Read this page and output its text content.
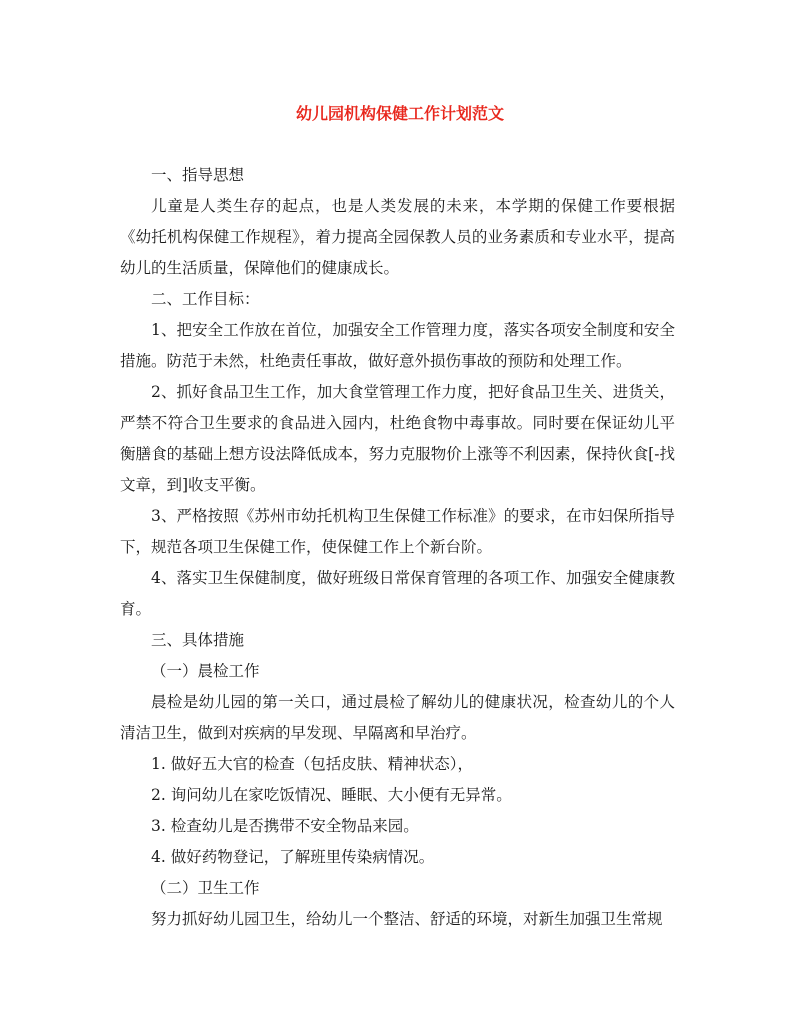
幼儿园机构保健工作计划范文

一、指导思想

儿童是人类生存的起点，也是人类发展的未来，本学期的保健工作要根据《幼托机构保健工作规程》，着力提高全园保教人员的业务素质和专业水平，提高幼儿的生活质量，保障他们的健康成长。

二、工作目标：

1、把安全工作放在首位，加强安全工作管理力度，落实各项安全制度和安全措施。防范于未然，杜绝责任事故，做好意外损伤事故的预防和处理工作。

2、抓好食品卫生工作，加大食堂管理工作力度，把好食品卫生关、进货关，严禁不符合卫生要求的食品进入园内，杜绝食物中毒事故。同时要在保证幼儿平衡膳食的基础上想方设法降低成本，努力克服物价上涨等不利因素，保持伙食[-找文章，到]收支平衡。

3、严格按照《苏州市幼托机构卫生保健工作标准》的要求，在市妇保所指导下，规范各项卫生保健工作，使保健工作上个新台阶。

4、落实卫生保健制度，做好班级日常保育管理的各项工作、加强安全健康教育。

三、具体措施

（一）晨检工作

晨检是幼儿园的第一关口，通过晨检了解幼儿的健康状况，检查幼儿的个人清洁卫生，做到对疾病的早发现、早隔离和早治疗。

1. 做好五大官的检查（包括皮肤、精神状态），

2. 询问幼儿在家吃饭情况、睡眠、大小便有无异常。

3. 检查幼儿是否携带不安全物品来园。

4. 做好药物登记，了解班里传染病情况。

（二）卫生工作

努力抓好幼儿园卫生，给幼儿一个整洁、舒适的环境，对新生加强卫生常规
